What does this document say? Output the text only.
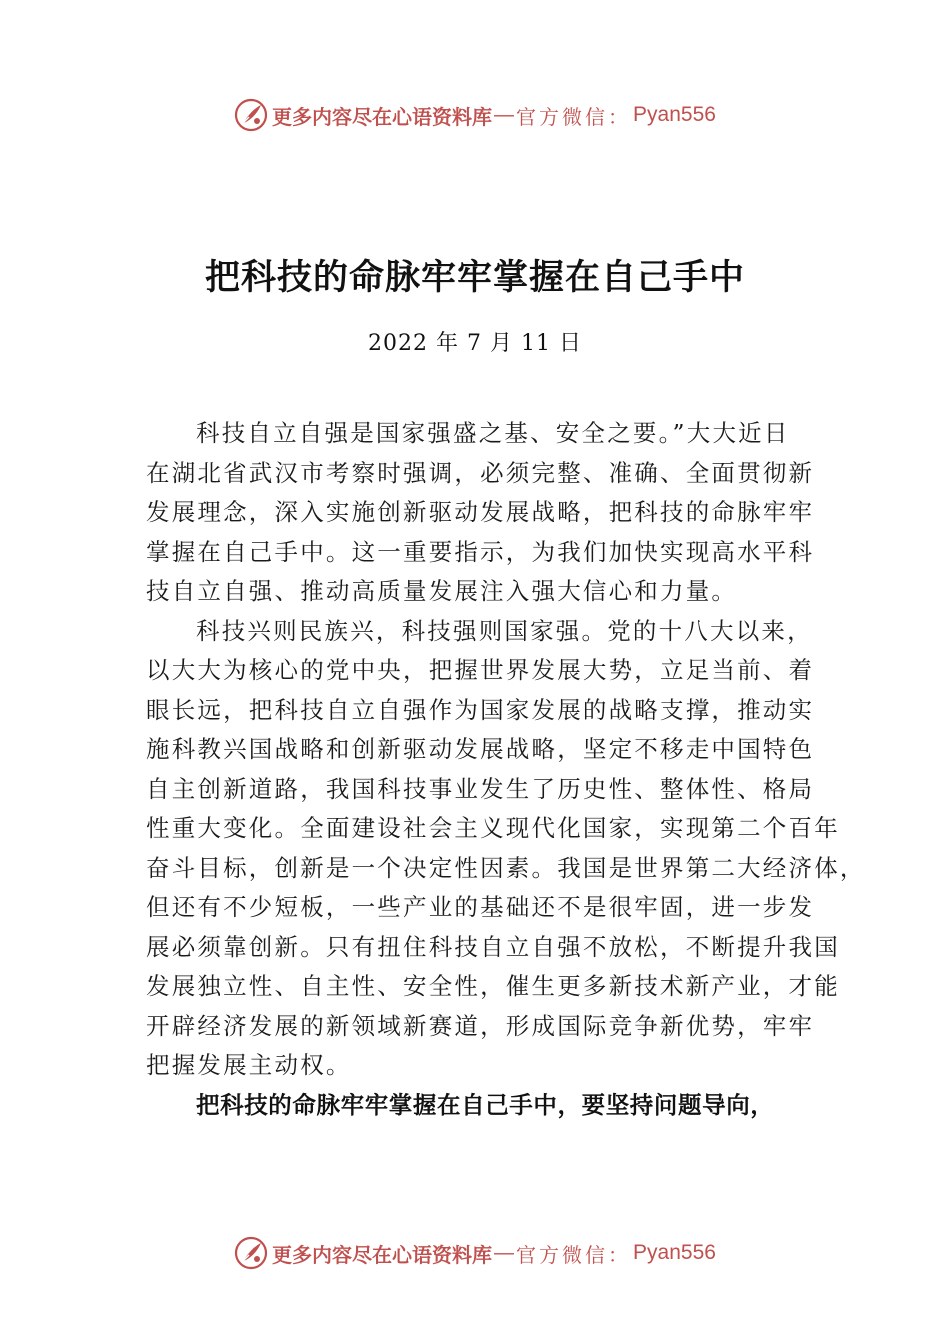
更多内容尽在心语资料库 — 官方微信： Pyan556
把科技的命脉牢牢掌握在自己手中
2022 年 7 月 11 日
科技自立自强是国家强盛之基、安全之要。”大大近日
在湖北省武汉市考察时强调，必须完整、准确、全面贯彻新
发展理念，深入实施创新驱动发展战略，把科技的命脉牢牢
掌握在自己手中。这一重要指示，为我们加快实现高水平科
技自立自强、推动高质量发展注入强大信心和力量。
科技兴则民族兴，科技强则国家强。党的十八大以来，
以大大为核心的党中央，把握世界发展大势，立足当前、着
眼长远，把科技自立自强作为国家发展的战略支撑，推动实
施科教兴国战略和创新驱动发展战略，坚定不移走中国特色
自主创新道路，我国科技事业发生了历史性、整体性、格局
性重大变化。全面建设社会主义现代化国家，实现第二个百年
奋斗目标，创新是一个决定性因素。我国是世界第二大经济体，
但还有不少短板，一些产业的基础还不是很牢固，进一步发
展必须靠创新。只有扭住科技自立自强不放松，不断提升我国
发展独立性、自主性、安全性，催生更多新技术新产业，才能
开辟经济发展的新领域新赛道，形成国际竞争新优势，牢牢
把握发展主动权。
把科技的命脉牢牢掌握在自己手中，要坚持问题导向，
更多内容尽在心语资料库 — 官方微信： Pyan556
